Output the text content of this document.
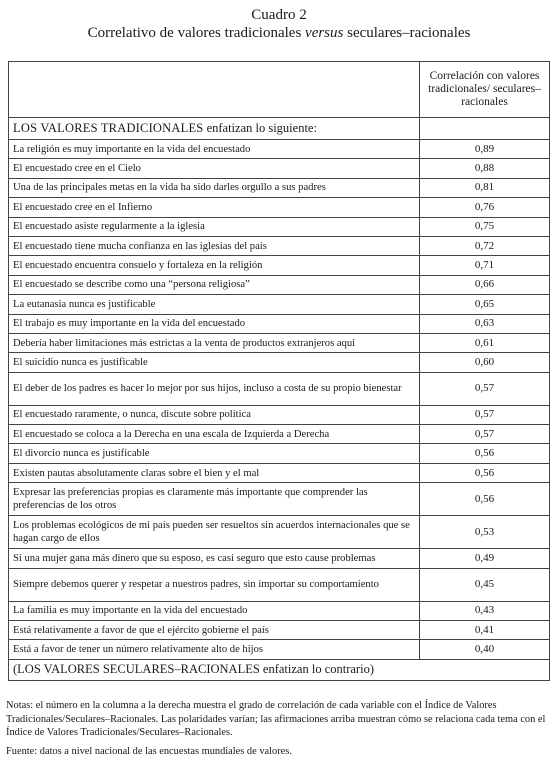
Cuadro 2
Correlativo de valores tradicionales versus seculares–racionales
	Correlación con valores tradicionales/ seculares–racionales
LOS VALORES TRADICIONALES enfatizan lo siguiente:	
La religión es muy importante en la vida del encuestado	0,89
El encuestado cree en el Cielo	0,88
Una de las principales metas en la vida ha sido darles orgullo a sus padres	0,81
El encuestado cree en el Infierno	0,76
El encuestado asiste regularmente a la iglesia	0,75
El encuestado tiene mucha confianza en las iglesias del país	0,72
El encuestado encuentra consuelo y fortaleza en la religión	0,71
El encuestado se describe como una “persona religiosa”	0,66
La eutanasia nunca es justificable	0,65
El trabajo es muy importante en la vida del encuestado	0,63
Debería haber limitaciones más estrictas a la venta de productos extranjeros aquí	0,61
El suicidio nunca es justificable	0,60
El deber de los padres es hacer lo mejor por sus hijos, incluso a costa de su propio bienestar	0,57
El encuestado raramente, o nunca, discute sobre política	0,57
El encuestado se coloca a la Derecha en una escala de Izquierda a Derecha	0,57
El divorcio nunca es justificable	0,56
Existen pautas absolutamente claras sobre el bien y el mal	0,56
Expresar las preferencias propias es claramente más importante que comprender las preferencias de los otros	0,56
Los problemas ecológicos de mi país pueden ser resueltos sin acuerdos internacionales que se hagan cargo de ellos	0,53
Si una mujer gana más dinero que su esposo, es casi seguro que esto cause problemas	0,49
Siempre debemos querer y respetar a nuestros padres, sin importar su comportamiento	0,45
La familia es muy importante en la vida del encuestado	0,43
Está relativamente a favor de que el ejército gobierne el país	0,41
Está a favor de tener un número relativamente alto de hijos	0,40
(LOS VALORES SECULARES–RACIONALES enfatizan lo contrario)	

Notas: el número en la columna a la derecha muestra el grado de correlación de cada variable con el Índice de Valores Tradicionales/Seculares–Racionales. Las polaridades varían; las afirmaciones arriba muestran cómo se relaciona cada tema con el Índice de Valores Tradicionales/Seculares–Racionales.

Fuente: datos a nivel nacional de las encuestas mundiales de valores.
